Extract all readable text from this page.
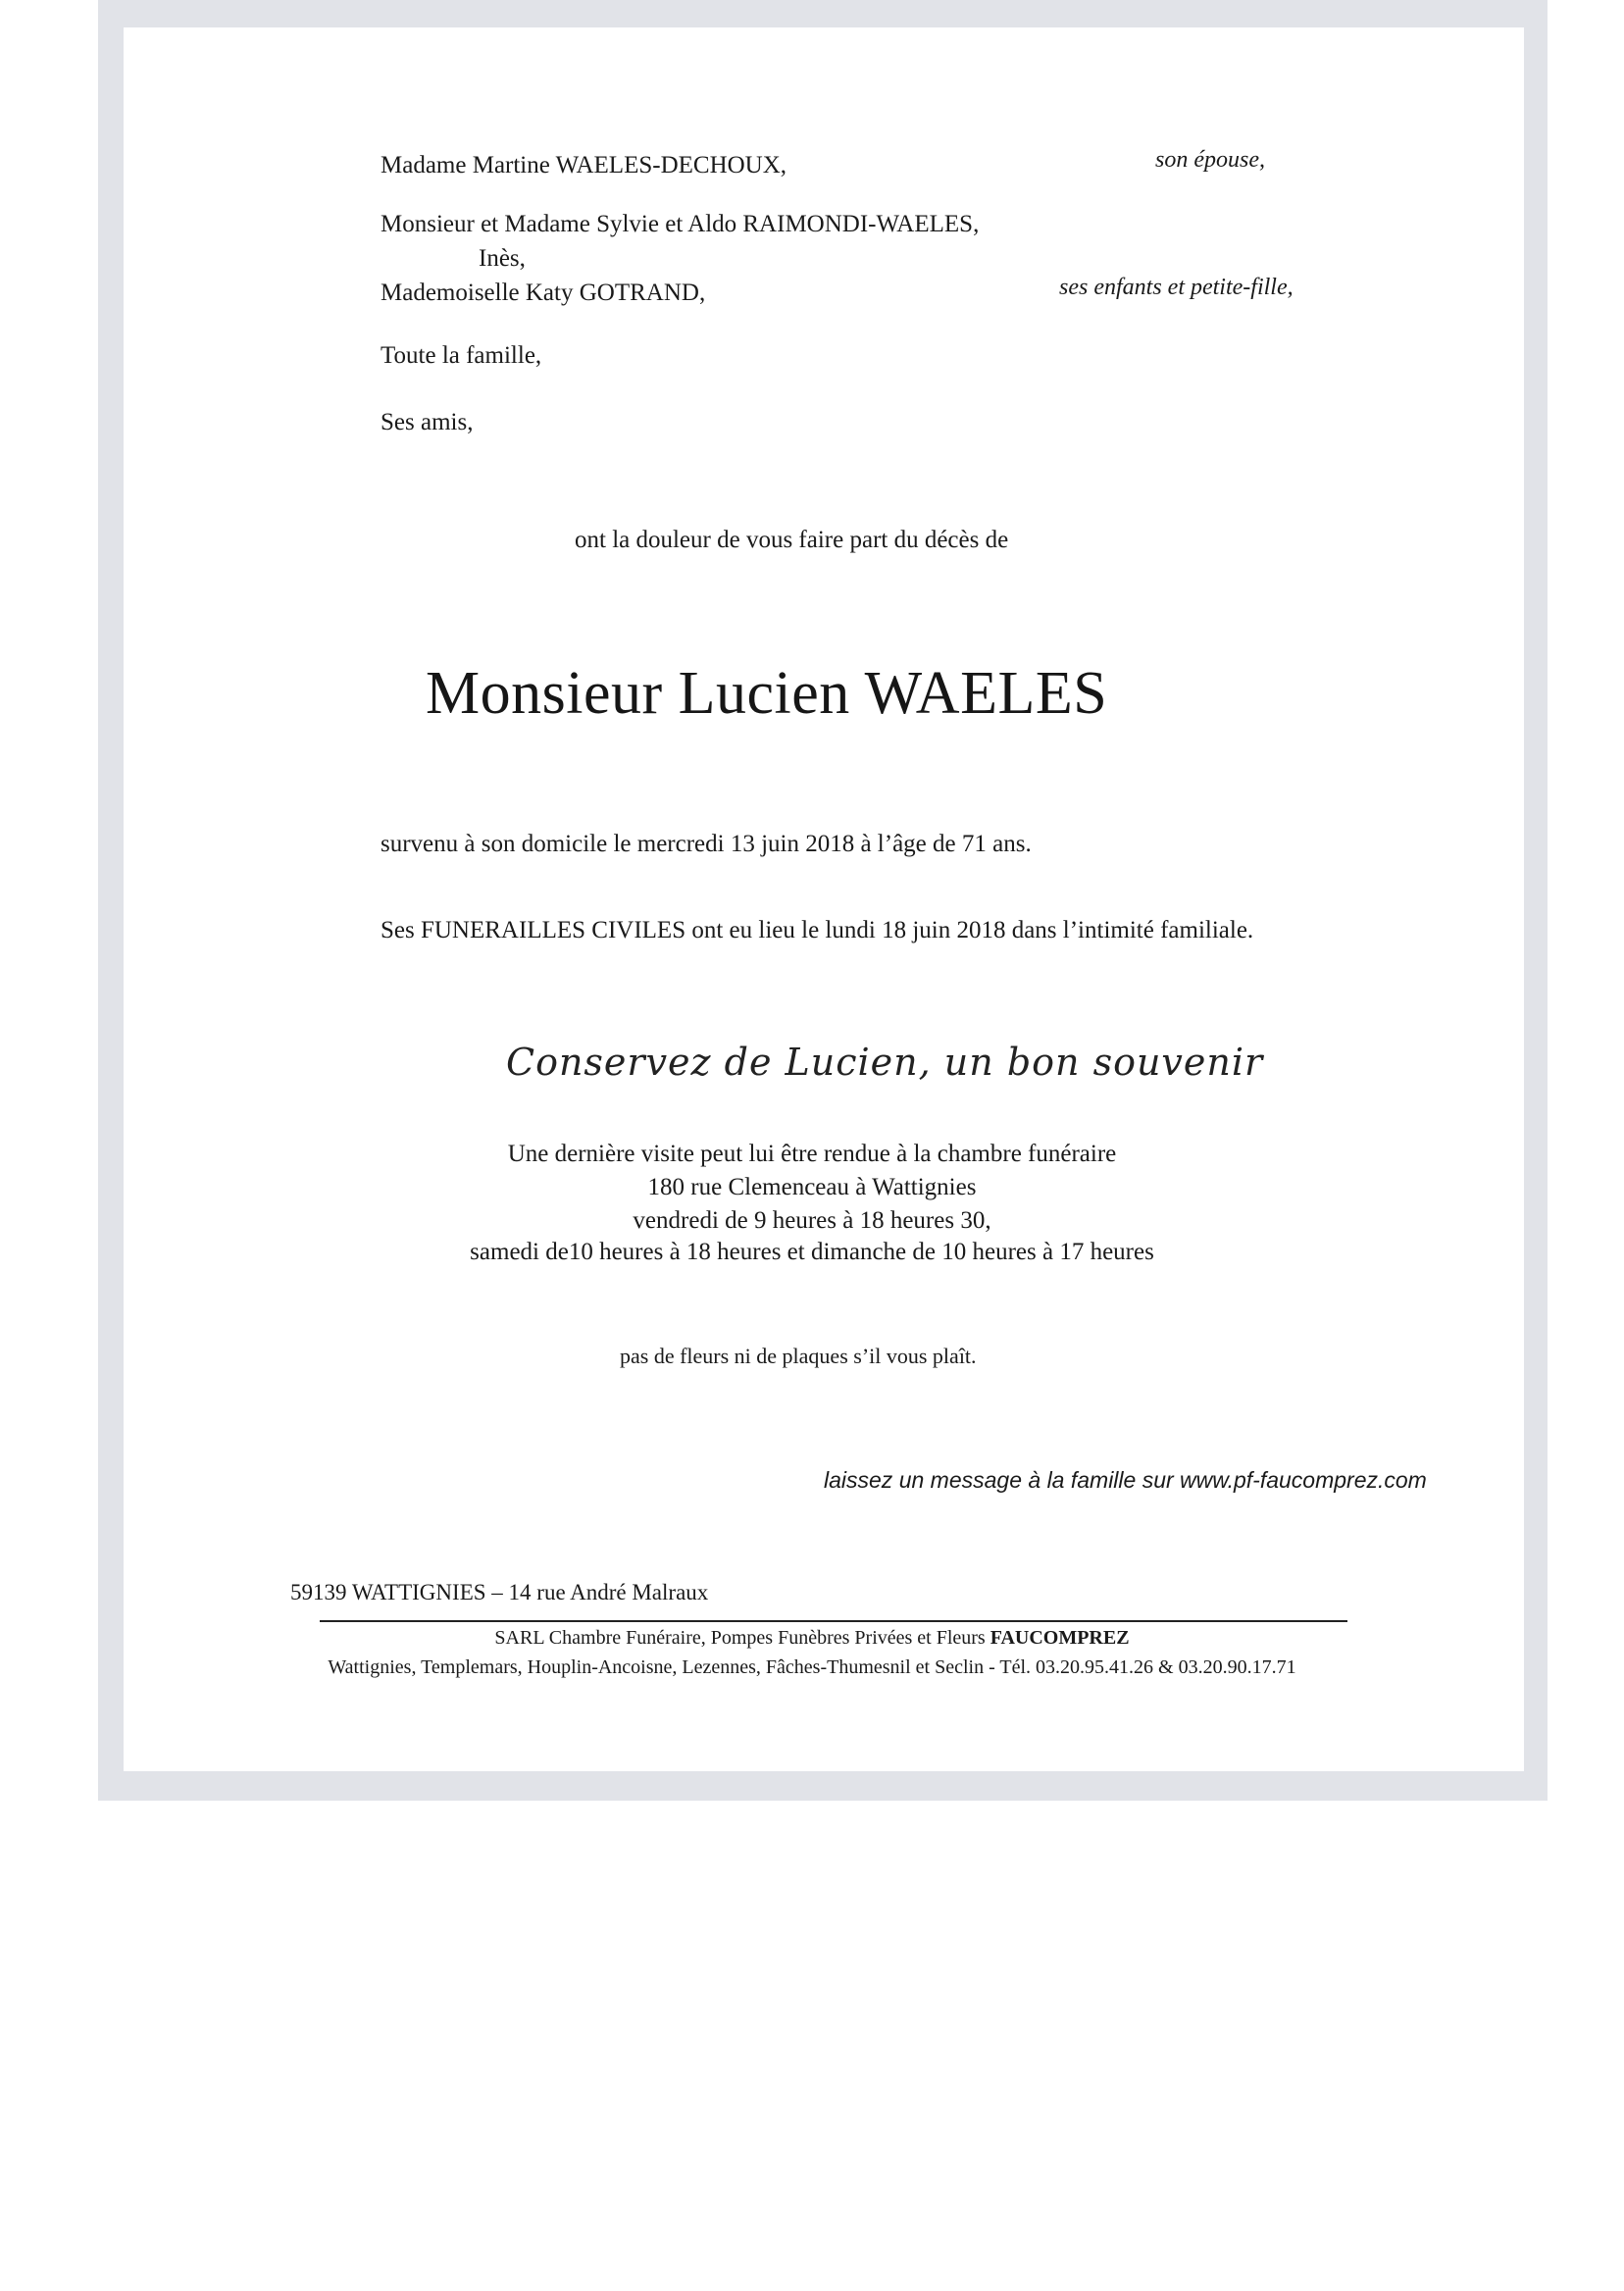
Madame Martine WAELES-DECHOUX,	son épouse,
Monsieur et Madame Sylvie et Aldo RAIMONDI-WAELES,
Inès,
Mademoiselle Katy GOTRAND,	ses enfants et petite-fille,
Toute la famille,
Ses amis,
ont la douleur de vous faire part du décès de
Monsieur Lucien WAELES
survenu à son domicile le mercredi 13 juin 2018 à l’âge de 71 ans.
Ses FUNERAILLES CIVILES ont eu lieu le lundi 18 juin 2018 dans l’intimité familiale.
Conservez de Lucien, un bon souvenir
Une dernière visite peut lui être rendue à la chambre funéraire
180 rue Clemenceau à Wattignies
vendredi de 9 heures à 18 heures 30,
samedi de10 heures à 18 heures et dimanche de 10 heures à 17 heures
pas de fleurs ni de plaques s’il vous plaît.
laissez un message à la famille sur www.pf-faucomprez.com
59139 WATTIGNIES – 14 rue André Malraux
SARL Chambre Funéraire, Pompes Funèbres Privées et Fleurs FAUCOMPREZ
Wattignies, Templemars, Houplin-Ancoisne, Lezennes, Fâches-Thumesnil et Seclin - Tél. 03.20.95.41.26 & 03.20.90.17.71
